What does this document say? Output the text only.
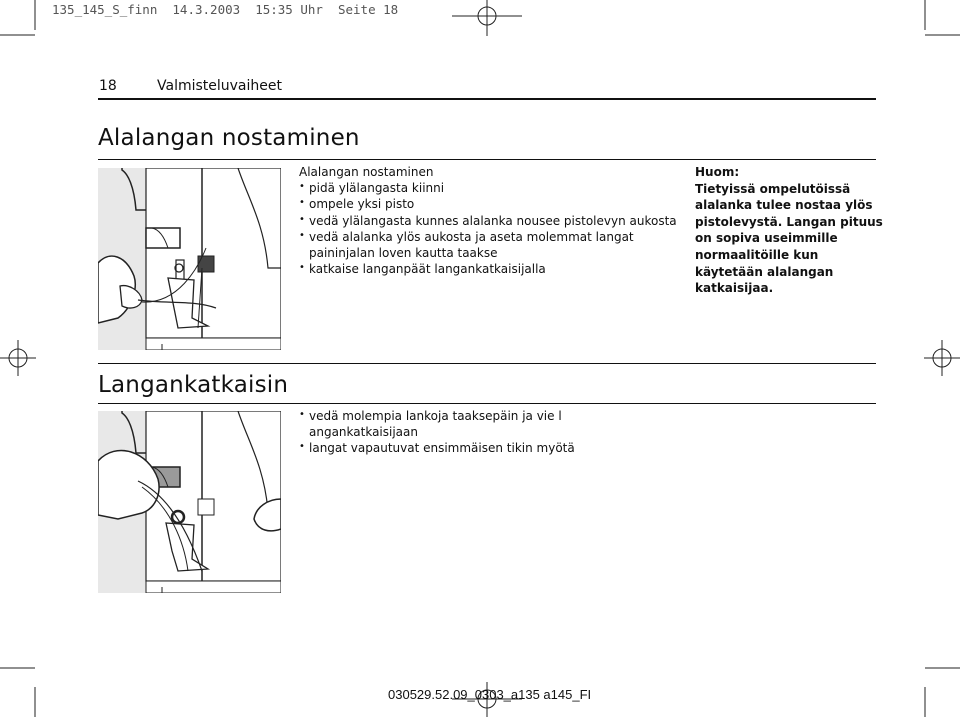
135_145_S_finn  14.3.2003  15:35 Uhr  Seite 18
18	Valmisteluvaiheet
Alalangan nostaminen
Alalangan nostaminen
• pidä ylälangasta kiinni
• ompele yksi pisto
• vedä ylälangasta kunnes alalanka nousee pistolevyn aukosta
• vedä alalanka ylös aukosta ja aseta molemmat langat paininjalan loven kautta taakse
• katkaise langanpäät langankatkaisijalla
Huom:
Tietyissä ompelutöissä alalanka tulee nostaa ylös pistolevystä. Langan pituus on sopiva useimmille normaalitöille kun käytetään alalangan katkaisijaa.
Langankatkaisin
• vedä molempia lankoja taaksepäin ja vie l angankatkaisijaan
• langat vapautuvat ensimmäisen tikin myötä
030529.52.09_0303_a135 a145_FI
